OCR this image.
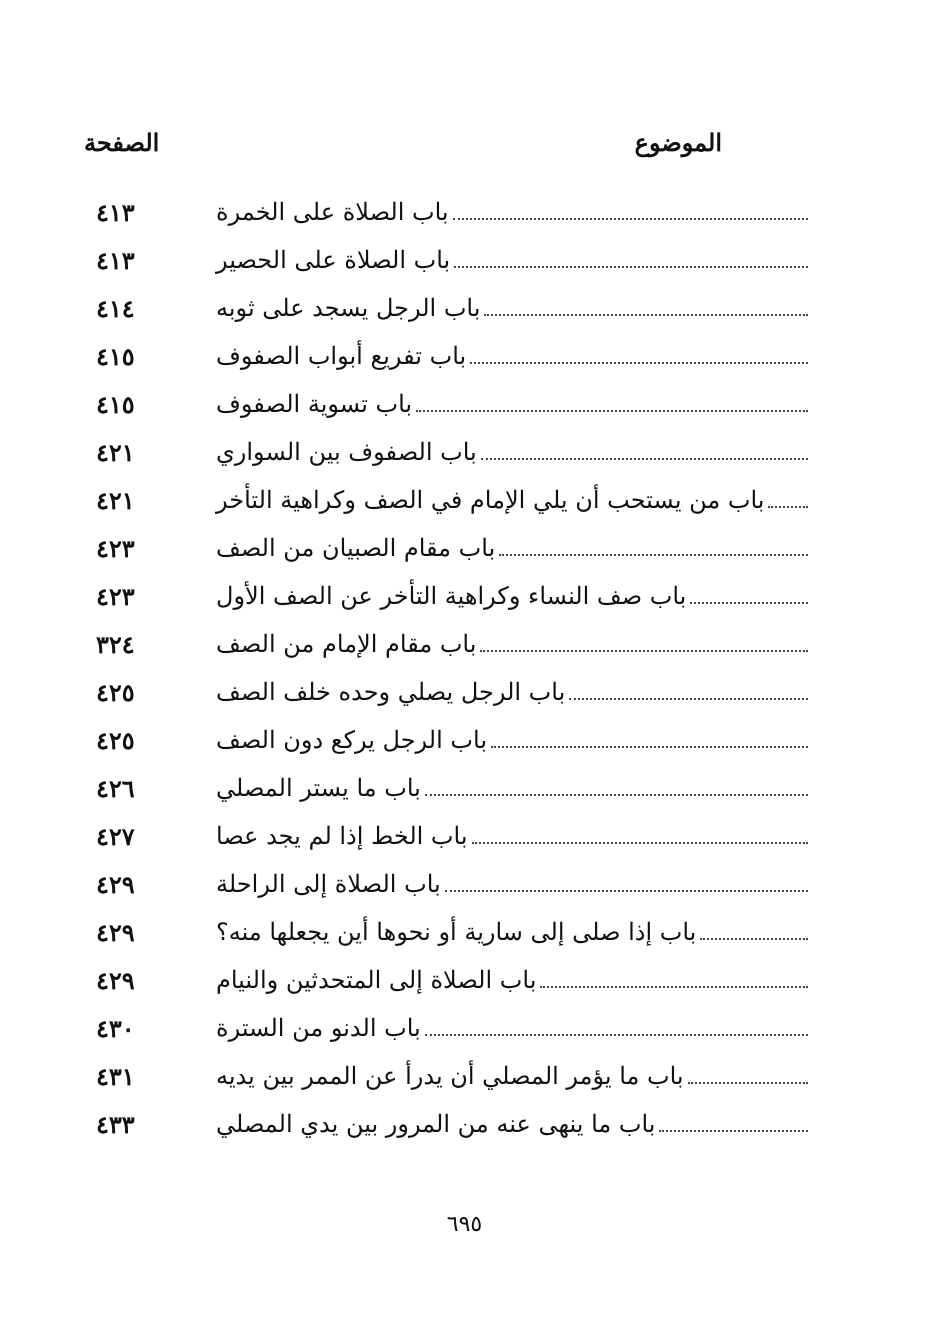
الموضوع
الصفحة
باب الصلاة على الخمرة
٤١٣
باب الصلاة على الحصير
٤١٣
باب الرجل يسجد على ثوبه
٤١٤
باب تفريع أبواب الصفوف
٤١٥
باب تسوية الصفوف
٤١٥
باب الصفوف بين السواري
٤٢١
باب من يستحب أن يلي الإمام في الصف وكراهية التأخر
٤٢١
باب مقام الصبيان من الصف
٤٢٣
باب صف النساء وكراهية التأخر عن الصف الأول
٤٢٣
باب مقام الإمام من الصف
٣٢٤
باب الرجل يصلي وحده خلف الصف
٤٢٥
باب الرجل يركع دون الصف
٤٢٥
باب ما يستر المصلي
٤٢٦
باب الخط إذا لم يجد عصا
٤٢٧
باب الصلاة إلى الراحلة
٤٢٩
باب إذا صلى إلى سارية أو نحوها أين يجعلها منه؟
٤٢٩
باب الصلاة إلى المتحدثين والنيام
٤٢٩
باب الدنو من السترة
٤٣٠
باب ما يؤمر المصلي أن يدرأ عن الممر بين يديه
٤٣١
باب ما ينهى عنه من المرور بين يدي المصلي
٤٣٣
٦٩٥
